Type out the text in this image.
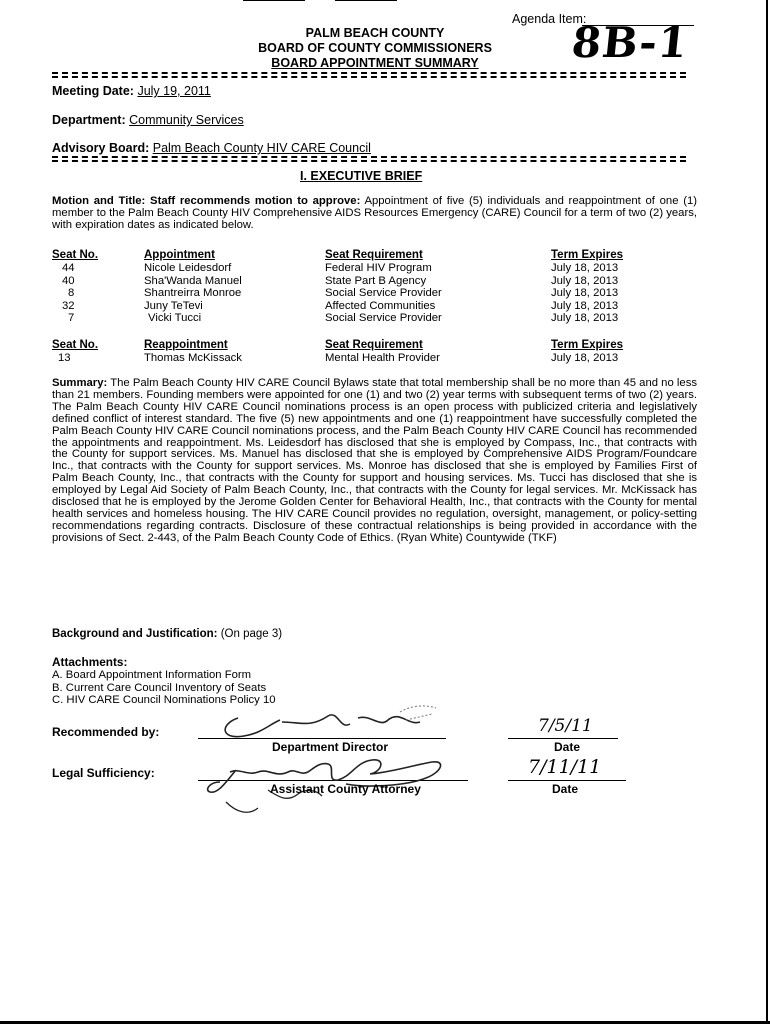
Agenda Item:
8B-1
PALM BEACH COUNTY
BOARD OF COUNTY COMMISSIONERS
BOARD APPOINTMENT SUMMARY
Meeting Date: July 19, 2011
Department: Community Services
Advisory Board: Palm Beach County HIV CARE Council
I. EXECUTIVE BRIEF
Motion and Title: Staff recommends motion to approve: Appointment of five (5) individuals and reappointment of one (1) member to the Palm Beach County HIV Comprehensive AIDS Resources Emergency (CARE) Council for a term of two (2) years, with expiration dates as indicated below.
Seat No.	Appointment	Seat Requirement	Term Expires
44	Nicole Leidesdorf	Federal HIV Program	July 18, 2013
40	Sha'Wanda Manuel	State Part B Agency	July 18, 2013
8	Shantreirra Monroe	Social Service Provider	July 18, 2013
32	Juny TeTevi	Affected Communities	July 18, 2013
7	Vicki Tucci	Social Service Provider	July 18, 2013
Seat No.	Reappointment	Seat Requirement	Term Expires
13	Thomas McKissack	Mental Health Provider	July 18, 2013
Summary: The Palm Beach County HIV CARE Council Bylaws state that total membership shall be no more than 45 and no less than 21 members. Founding members were appointed for one (1) and two (2) year terms with subsequent terms of two (2) years. The Palm Beach County HIV CARE Council nominations process is an open process with publicized criteria and legislatively defined conflict of interest standard. The five (5) new appointments and one (1) reappointment have successfully completed the Palm Beach County HIV CARE Council nominations process, and the Palm Beach County HIV CARE Council has recommended the appointments and reappointment. Ms. Leidesdorf has disclosed that she is employed by Compass, Inc., that contracts with the County for support services. Ms. Manuel has disclosed that she is employed by Comprehensive AIDS Program/Foundcare Inc., that contracts with the County for support services. Ms. Monroe has disclosed that she is employed by Families First of Palm Beach County, Inc., that contracts with the County for support and housing services. Ms. Tucci has disclosed that she is employed by Legal Aid Society of Palm Beach County, Inc., that contracts with the County for legal services. Mr. McKissack has disclosed that he is employed by the Jerome Golden Center for Behavioral Health, Inc., that contracts with the County for mental health services and homeless housing. The HIV CARE Council provides no regulation, oversight, management, or policy-setting recommendations regarding contracts. Disclosure of these contractual relationships is being provided in accordance with the provisions of Sect. 2-443, of the Palm Beach County Code of Ethics. (Ryan White) Countywide (TKF)
Background and Justification: (On page 3)
Attachments:
A. Board Appointment Information Form
B. Current Care Council Inventory of Seats
C. HIV CARE Council Nominations Policy 10
Recommended by:	7/5/11
Department Director	Date
Legal Sufficiency:	7/11/11
Assistant County Attorney	Date
